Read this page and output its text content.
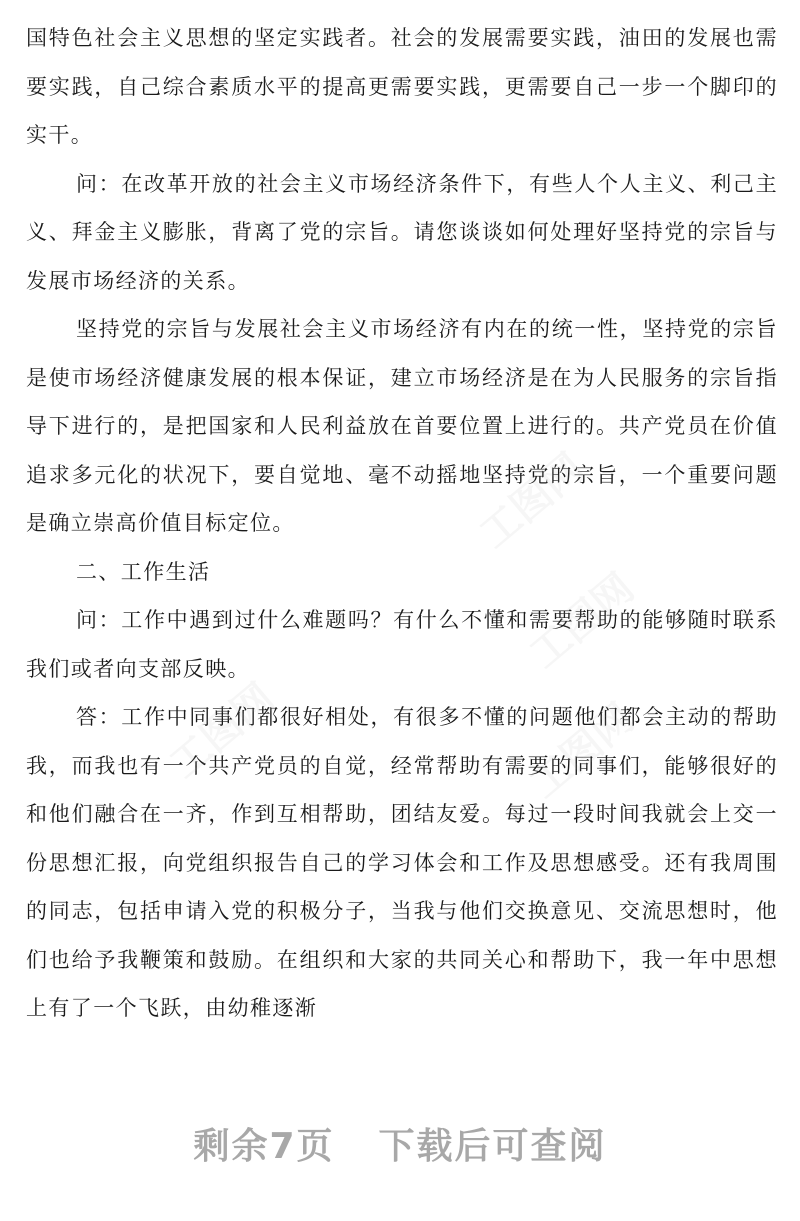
国特色社会主义思想的坚定实践者。社会的发展需要实践，油田的发展也需要实践，自己综合素质水平的提高更需要实践，更需要自己一步一个脚印的实干。

问：在改革开放的社会主义市场经济条件下，有些人个人主义、利己主义、拜金主义膨胀，背离了党的宗旨。请您谈谈如何处理好坚持党的宗旨与发展市场经济的关系。

坚持党的宗旨与发展社会主义市场经济有内在的统一性，坚持党的宗旨是使市场经济健康发展的根本保证，建立市场经济是在为人民服务的宗旨指导下进行的，是把国家和人民利益放在首要位置上进行的。共产党员在价值追求多元化的状况下，要自觉地、毫不动摇地坚持党的宗旨，一个重要问题是确立崇高价值目标定位。

二、工作生活

问：工作中遇到过什么难题吗？有什么不懂和需要帮助的能够随时联系我们或者向支部反映。

答：工作中同事们都很好相处，有很多不懂的问题他们都会主动的帮助我，而我也有一个共产党员的自觉，经常帮助有需要的同事们，能够很好的和他们融合在一齐，作到互相帮助，团结友爱。每过一段时间我就会上交一份思想汇报，向党组织报告自己的学习体会和工作及思想感受。还有我周围的同志，包括申请入党的积极分子，当我与他们交换意见、交流思想时，他们也给予我鞭策和鼓励。在组织和大家的共同关心和帮助下，我一年中思想上有了一个飞跃，由幼稚逐渐

工图网
工图网
工图网	工图网
剩余7页 下载后可查阅
